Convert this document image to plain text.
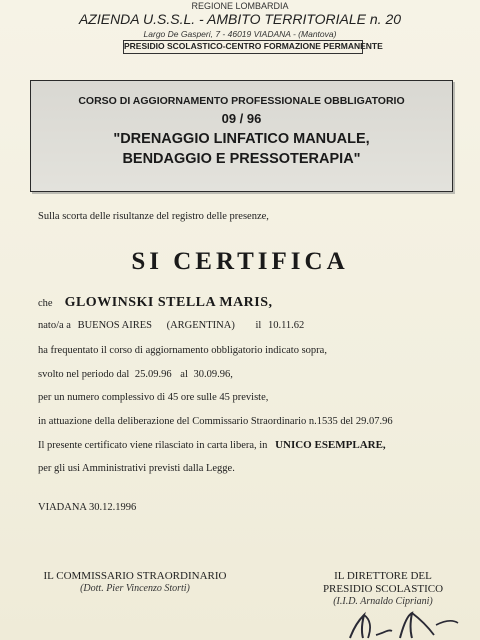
REGIONE LOMBARDIA
AZIENDA U.S.S.L. - AMBITO TERRITORIALE n. 20
Largo De Gasperi, 7 - 46019 VIADANA - (Mantova)
PRESIDIO SCOLASTICO-CENTRO FORMAZIONE PERMANENTE
CORSO DI AGGIORNAMENTO PROFESSIONALE OBBLIGATORIO
09 / 96
"DRENAGGIO LINFATICO MANUALE,
BENDAGGIO E PRESSOTERAPIA"
Sulla scorta delle risultanze del registro delle presenze,
SI CERTIFICA
che GLOWINSKI STELLA MARIS,
nato/a a BUENOS AIRES (ARGENTINA) il 10.11.62
ha frequentato il corso di aggiornamento obbligatorio indicato sopra,
svolto nel periodo dal 25.09.96 al 30.09.96,
per un numero complessivo di 45 ore sulle 45 previste,
in attuazione della deliberazione del Commissario Straordinario n.1535 del 29.07.96
Il presente certificato viene rilasciato in carta libera, in UNICO ESEMPLARE,
per gli usi Amministrativi previsti dalla Legge.
VIADANA 30.12.1996
IL COMMISSARIO STRAORDINARIO
(Dott. Pier Vincenzo Storti)
IL DIRETTORE DEL
PRESIDIO SCOLASTICO
(I.I.D. Arnaldo Cipriani)
